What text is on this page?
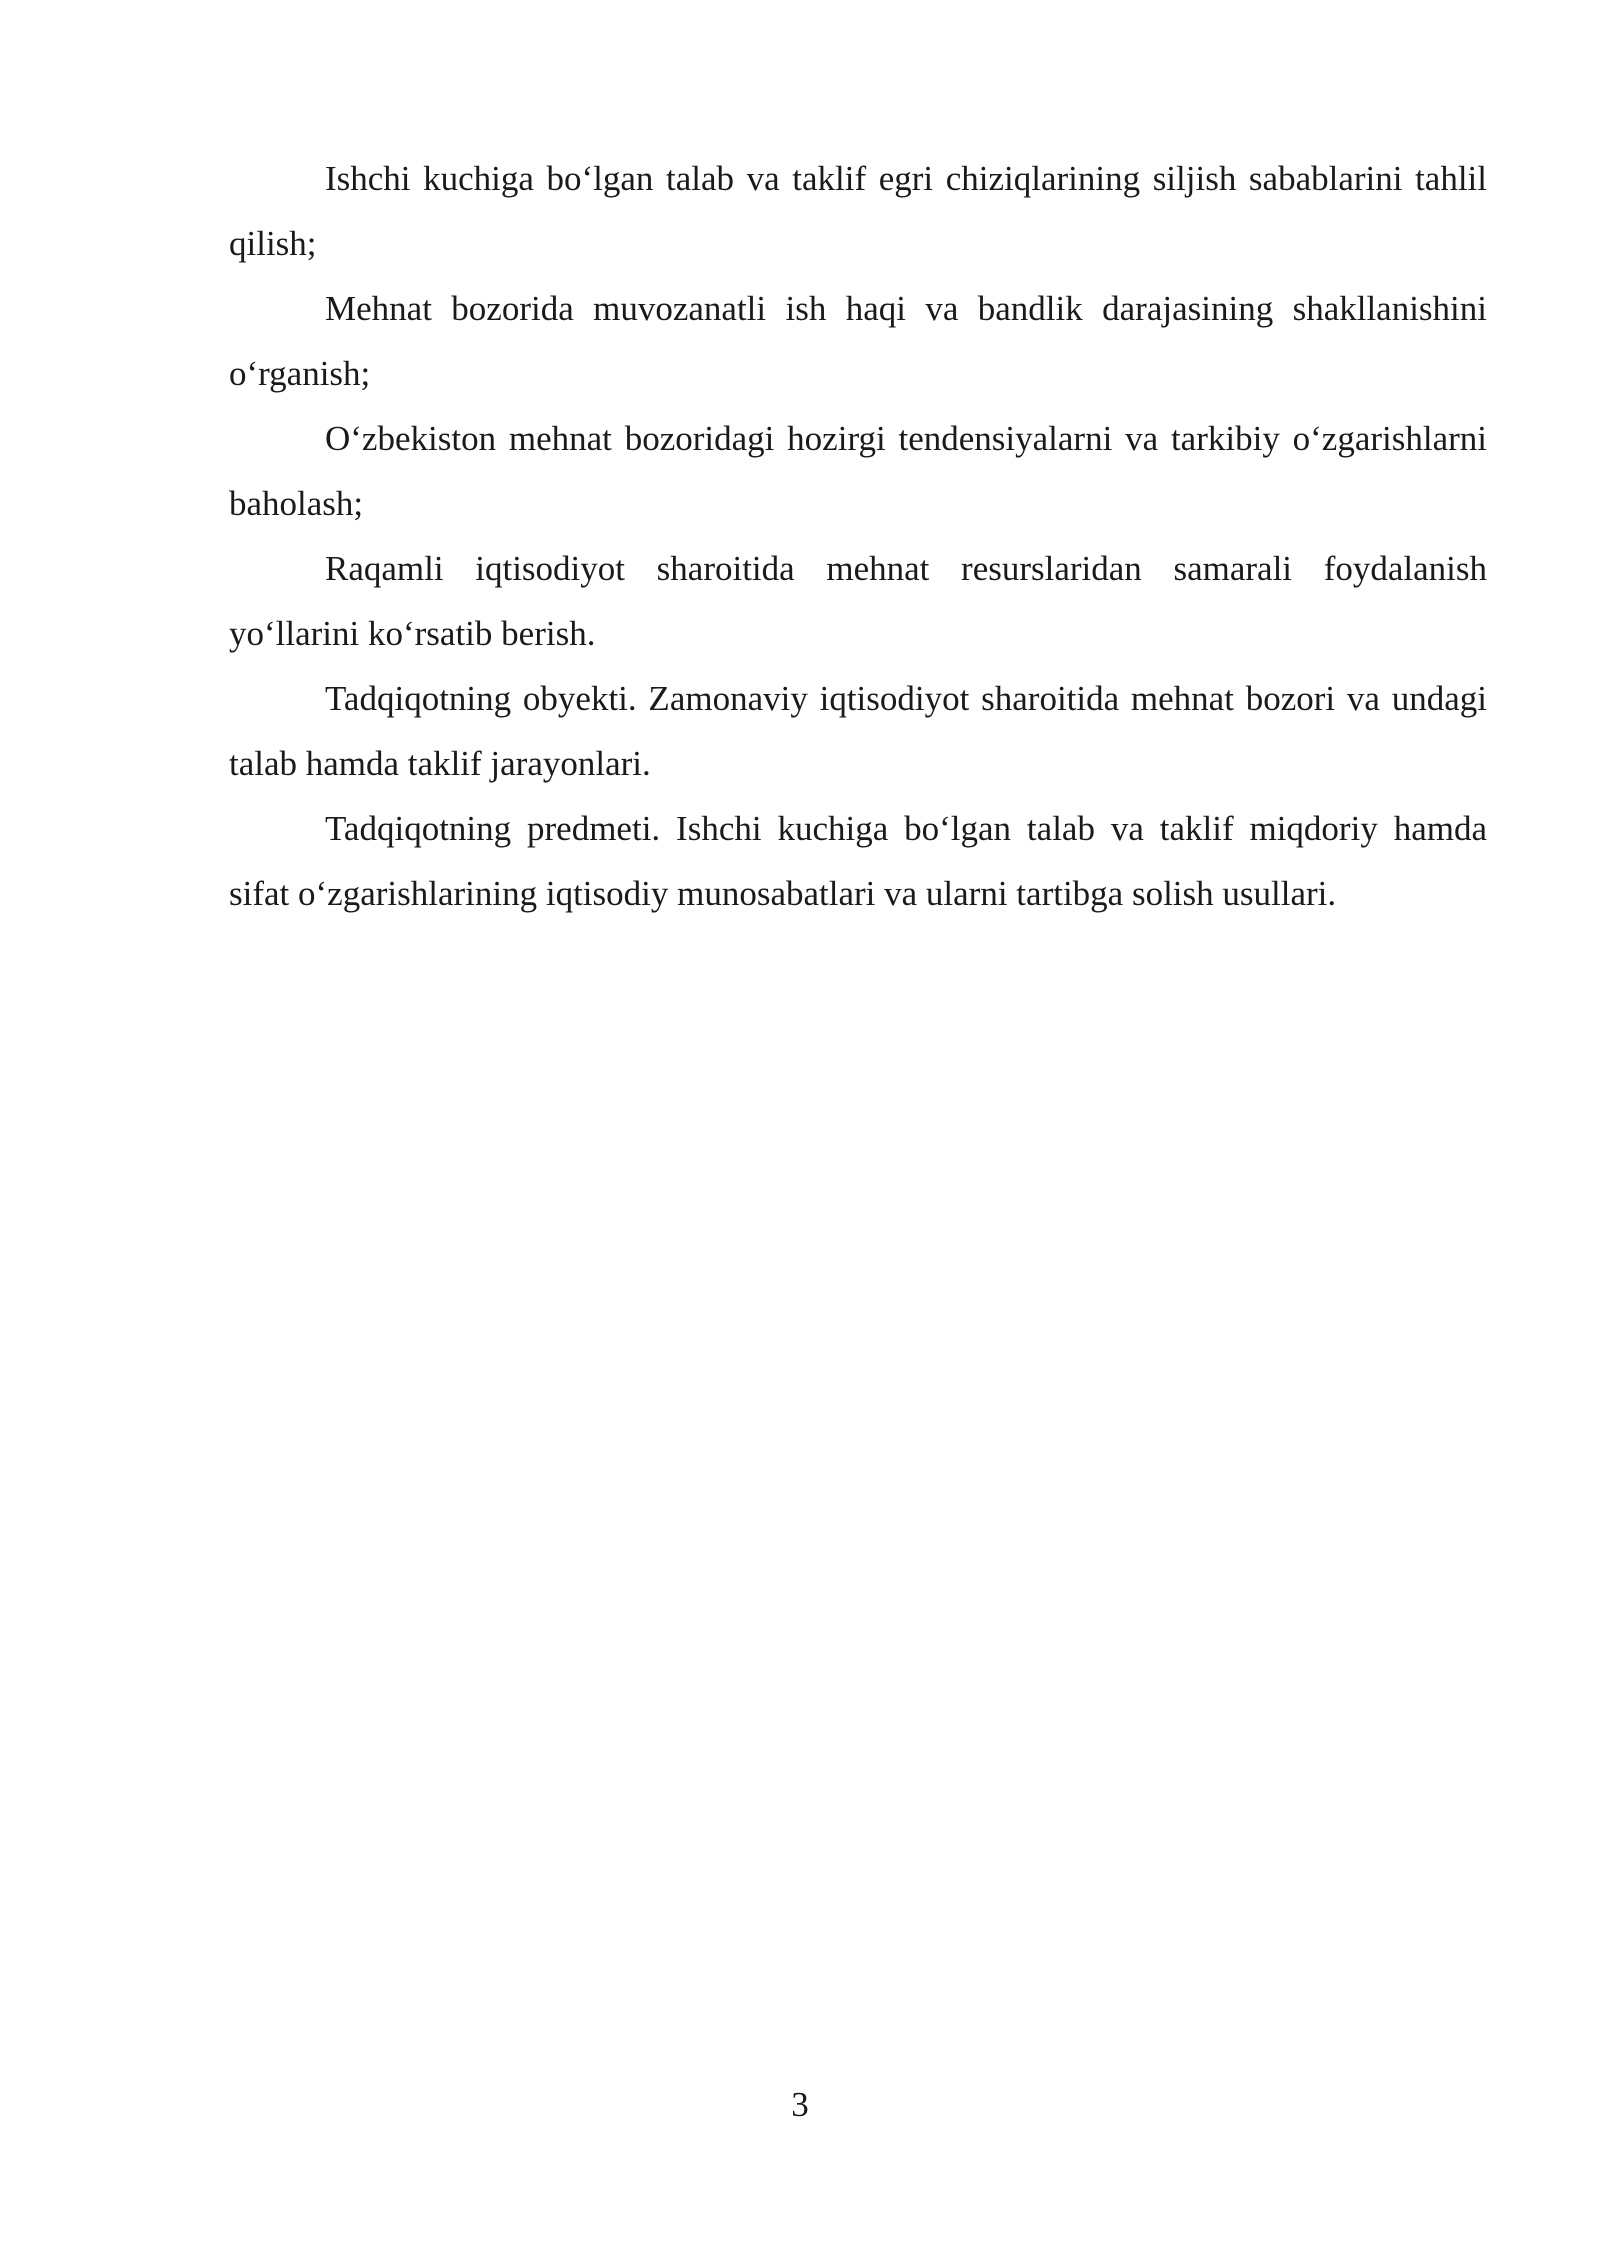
Ishchi kuchiga bo‘lgan talab va taklif egri chiziqlarining siljish sabablarini tahlil qilish;

Mehnat bozorida muvozanatli ish haqi va bandlik darajasining shakllanishini o‘rganish;

O‘zbekiston mehnat bozoridagi hozirgi tendensiyalarni va tarkibiy o‘zgarishlarni baholash;

Raqamli iqtisodiyot sharoitida mehnat resurslaridan samarali foydalanish yo‘llarini ko‘rsatib berish.

Tadqiqotning obyekti. Zamonaviy iqtisodiyot sharoitida mehnat bozori va undagi talab hamda taklif jarayonlari.

Tadqiqotning predmeti. Ishchi kuchiga bo‘lgan talab va taklif miqdoriy hamda sifat o‘zgarishlarining iqtisodiy munosabatlari va ularni tartibga solish usullari.

3
